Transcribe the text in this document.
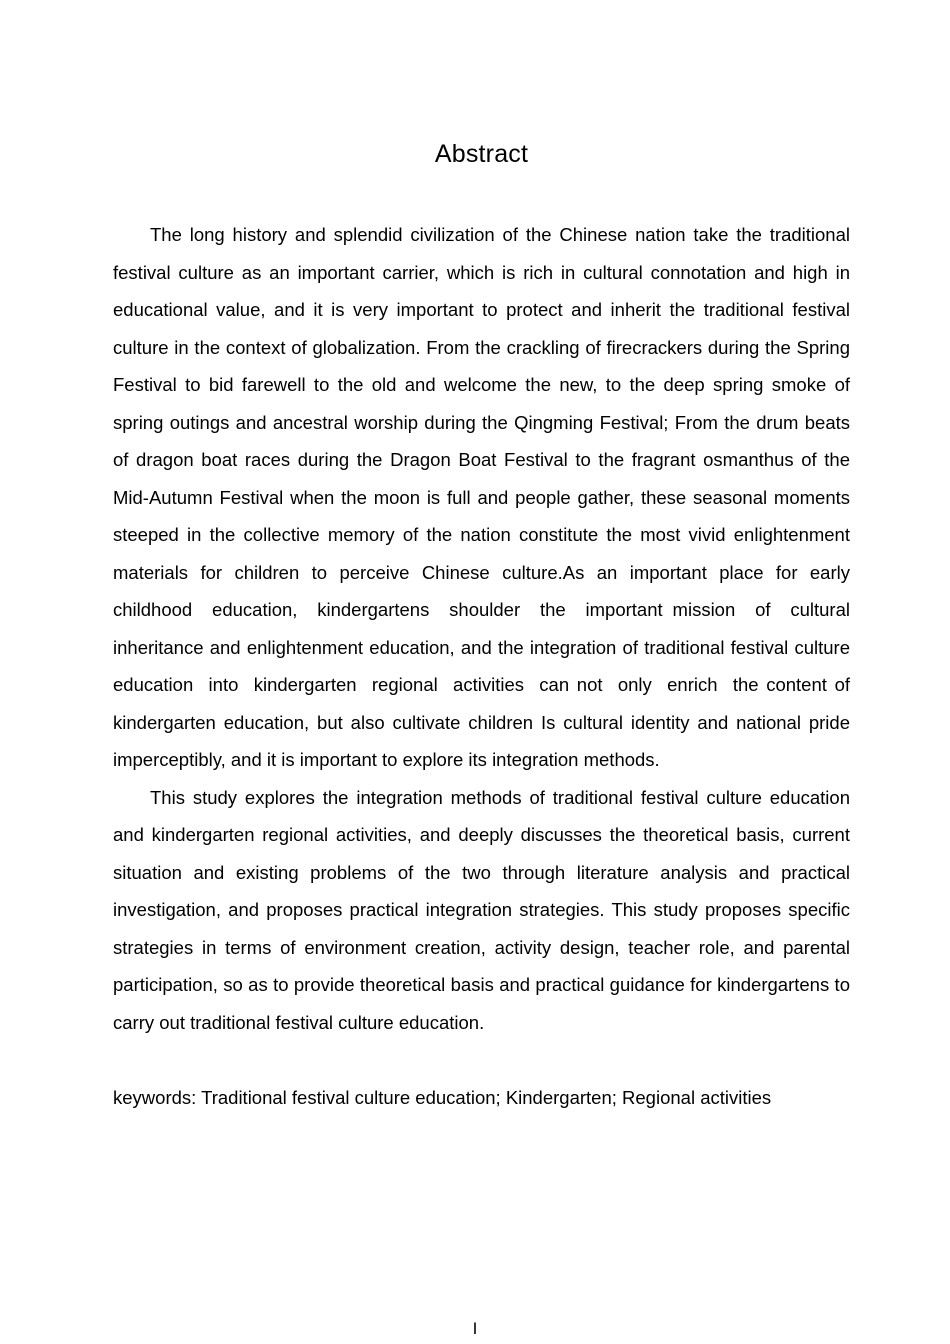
Abstract

The long history and splendid civilization of the Chinese nation take the traditional festival culture as an important carrier, which is rich in cultural connotation and high in educational value, and it is very important to protect and inherit the traditional festival culture in the context of globalization. From the crackling of firecrackers during the Spring Festival to bid farewell to the old and welcome the new, to the deep spring smoke of spring outings and ancestral worship during the Qingming Festival; From the drum beats of dragon boat races during the Dragon Boat Festival to the fragrant osmanthus of the Mid-Autumn Festival when the moon is full and people gather, these seasonal moments steeped in the collective memory of the nation constitute the most vivid enlightenment materials for children to perceive Chinese culture.As an important place for early childhood  education,  kindergartens  shoulder  the  important mission  of  cultural inheritance and enlightenment education, and the integration of traditional festival culture  education  into  kindergarten  regional  activities  can not  only  enrich  the content of kindergarten education, but also cultivate children Is cultural identity and national pride imperceptibly, and it is important to explore its integration methods.

This study explores the integration methods of traditional festival culture education and kindergarten regional activities, and deeply discusses the theoretical basis, current situation and existing problems of the two through literature analysis and practical investigation, and proposes practical integration strategies. This study proposes specific strategies in terms of environment creation, activity design, teacher role, and parental participation, so as to provide theoretical basis and practical guidance for kindergartens to carry out traditional festival culture education.

keywords: Traditional festival culture education; Kindergarten; Regional activities

I
